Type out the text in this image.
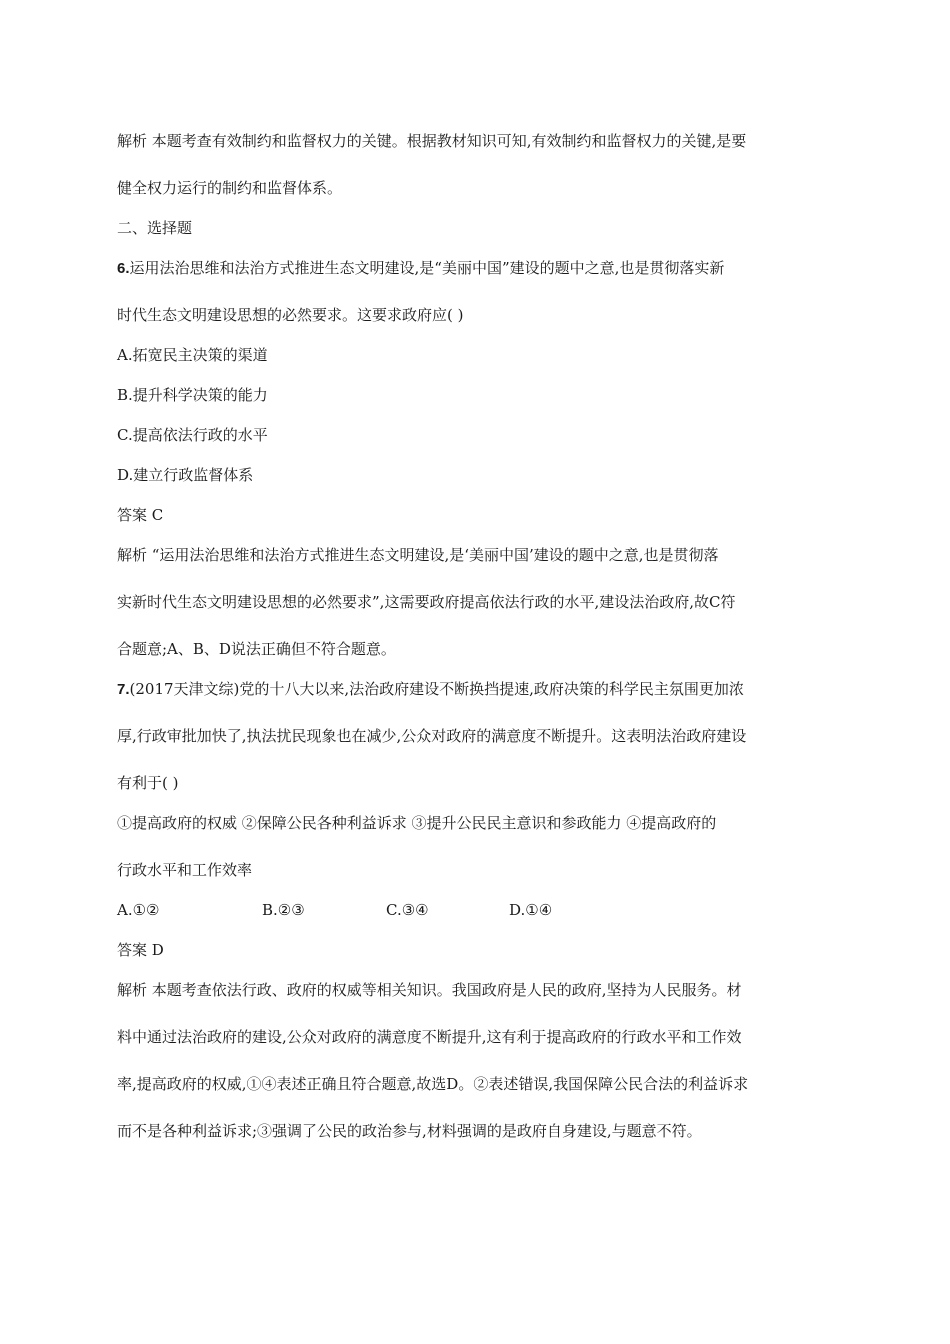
解析 本题考查有效制约和监督权力的关键。根据教材知识可知,有效制约和监督权力的关键,是要
健全权力运行的制约和监督体系。
二、选择题
6.运用法治思维和法治方式推进生态文明建设,是“美丽中国”建设的题中之意,也是贯彻落实新
时代生态文明建设思想的必然要求。这要求政府应( )
A.拓宽民主决策的渠道
B.提升科学决策的能力
C.提高依法行政的水平
D.建立行政监督体系
答案 C
解析 “运用法治思维和法治方式推进生态文明建设,是‘美丽中国’建设的题中之意,也是贯彻落
实新时代生态文明建设思想的必然要求”,这需要政府提高依法行政的水平,建设法治政府,故C符
合题意;A、B、D说法正确但不符合题意。
7.(2017天津文综)党的十八大以来,法治政府建设不断换挡提速,政府决策的科学民主氛围更加浓
厚,行政审批加快了,执法扰民现象也在减少,公众对政府的满意度不断提升。这表明法治政府建设
有利于( )
①提高政府的权威 ②保障公民各种利益诉求 ③提升公民民主意识和参政能力 ④提高政府的
行政水平和工作效率
A.①②	B.②③	C.③④	D.①④
答案 D
解析 本题考查依法行政、政府的权威等相关知识。我国政府是人民的政府,坚持为人民服务。材
料中通过法治政府的建设,公众对政府的满意度不断提升,这有利于提高政府的行政水平和工作效
率,提高政府的权威,①④表述正确且符合题意,故选D。②表述错误,我国保障公民合法的利益诉求
而不是各种利益诉求;③强调了公民的政治参与,材料强调的是政府自身建设,与题意不符。
